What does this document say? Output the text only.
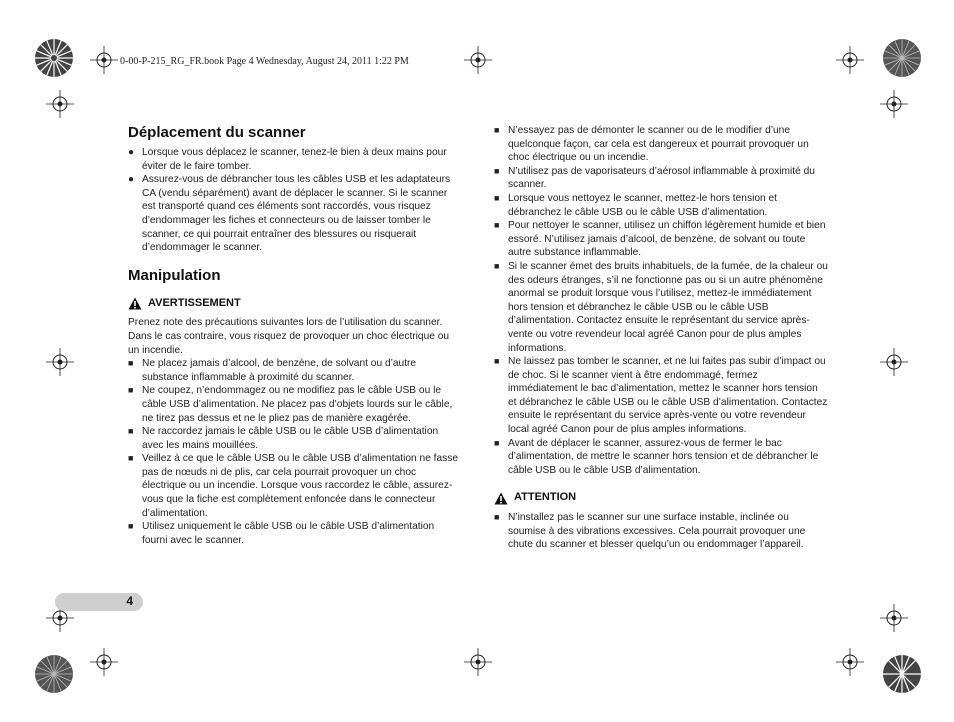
0-00-P-215_RG_FR.book Page 4 Wednesday, August 24, 2011 1:22 PM
Déplacement du scanner
● Lorsque vous déplacez le scanner, tenez-le bien à deux mains pour éviter de le faire tomber.
● Assurez-vous de débrancher tous les câbles USB et les adaptateurs CA (vendu séparément) avant de déplacer le scanner. Si le scanner est transporté quand ces éléments sont raccordés, vous risquez d’endommager les fiches et connecteurs ou de laisser tomber le scanner, ce qui pourrait entraîner des blessures ou risquerait d’endommager le scanner.
Manipulation
AVERTISSEMENT

Prenez note des précautions suivantes lors de l’utilisation du scanner. Dans le cas contraire, vous risquez de provoquer un choc électrique ou un incendie.

■ Ne placez jamais d’alcool, de benzène, de solvant ou d’autre substance inflammable à proximité du scanner.
■ Ne coupez, n’endommagez ou ne modifiez pas le câble USB ou le câble USB d’alimentation. Ne placez pas d’objets lourds sur le câble, ne tirez pas dessus et ne le pliez pas de manière exagérée.
■ Ne raccordez jamais le câble USB ou le câble USB d’alimentation avec les mains mouillées.
■ Veillez à ce que le câble USB ou le câble USB d’alimentation ne fasse pas de nœuds ni de plis, car cela pourrait provoquer un choc électrique ou un incendie. Lorsque vous raccordez le câble, assurez-vous que la fiche est complètement enfoncée dans le connecteur d’alimentation.
■ Utilisez uniquement le câble USB ou le câble USB d’alimentation fourni avec le scanner.
■ N’essayez pas de démonter le scanner ou de le modifier d’une quelconque façon, car cela est dangereux et pourrait provoquer un choc électrique ou un incendie.
■ N’utilisez pas de vaporisateurs d’aérosol inflammable à proximité du scanner.
■ Lorsque vous nettoyez le scanner, mettez-le hors tension et débranchez le câble USB ou le câble USB d’alimentation.
■ Pour nettoyer le scanner, utilisez un chiffon légèrement humide et bien essoré. N’utilisez jamais d’alcool, de benzène, de solvant ou toute autre substance inflammable.
■ Si le scanner émet des bruits inhabituels, de la fumée, de la chaleur ou des odeurs étranges, s’il ne fonctionne pas ou si un autre phénomène anormal se produit lorsque vous l’utilisez, mettez-le immédiatement hors tension et débranchez le câble USB ou le câble USB d’alimentation. Contactez ensuite le représentant du service après-vente ou votre revendeur local agréé Canon pour de plus amples informations.
■ Ne laissez pas tomber le scanner, et ne lui faites pas subir d’impact ou de choc. Si le scanner vient à être endommagé, fermez immédiatement le bac d’alimentation, mettez le scanner hors tension et débranchez le câble USB ou le câble USB d’alimentation. Contactez ensuite le représentant du service après-vente ou votre revendeur local agréé Canon pour de plus amples informations.
■ Avant de déplacer le scanner, assurez-vous de fermer le bac d’alimentation, de mettre le scanner hors tension et de débrancher le câble USB ou le câble USB d’alimentation.
ATTENTION
■ N’installez pas le scanner sur une surface instable, inclinée ou soumise à des vibrations excessives. Cela pourrait provoquer une chute du scanner et blesser quelqu’un ou endommager l’appareil.
4
